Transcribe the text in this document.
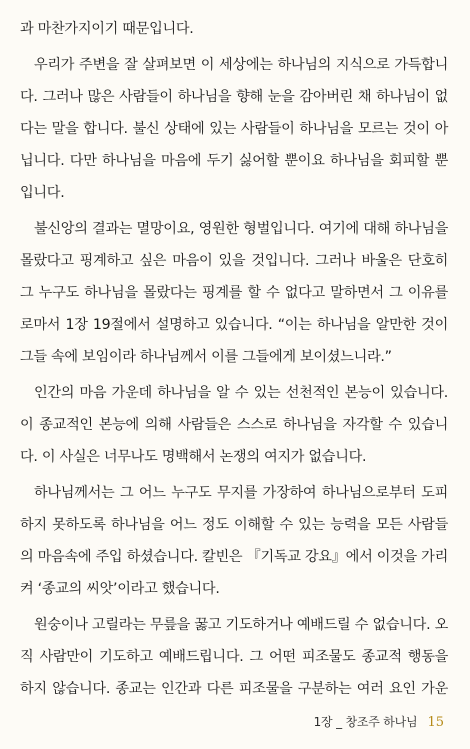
과 마찬가지이기 때문입니다.
우리가 주변을 잘 살펴보면 이 세상에는 하나님의 지식으로 가득합니
다. 그러나 많은 사람들이 하나님을 향해 눈을 감아버린 채 하나님이 없
다는 말을 합니다. 불신 상태에 있는 사람들이 하나님을 모르는 것이 아
닙니다. 다만 하나님을 마음에 두기 싫어할 뿐이요 하나님을 회피할 뿐
입니다.
불신앙의 결과는 멸망이요, 영원한 형벌입니다. 여기에 대해 하나님을
몰랐다고 핑계하고 싶은 마음이 있을 것입니다. 그러나 바울은 단호히
그 누구도 하나님을 몰랐다는 핑계를 할 수 없다고 말하면서 그 이유를
로마서 1장 19절에서 설명하고 있습니다. “이는 하나님을 알만한 것이
그들 속에 보임이라 하나님께서 이를 그들에게 보이셨느니라.”
인간의 마음 가운데 하나님을 알 수 있는 선천적인 본능이 있습니다.
이 종교적인 본능에 의해 사람들은 스스로 하나님을 자각할 수 있습니
다. 이 사실은 너무나도 명백해서 논쟁의 여지가 없습니다.
하나님께서는 그 어느 누구도 무지를 가장하여 하나님으로부터 도피
하지 못하도록 하나님을 어느 정도 이해할 수 있는 능력을 모든 사람들
의 마음속에 주입 하셨습니다. 칼빈은 『기독교 강요』에서 이것을 가리
켜 ‘종교의 씨앗’이라고 했습니다.
원숭이나 고릴라는 무릎을 꿇고 기도하거나 예배드릴 수 없습니다. 오
직 사람만이 기도하고 예배드립니다. 그 어떤 피조물도 종교적 행동을
하지 않습니다. 종교는 인간과 다른 피조물을 구분하는 여러 요인 가운
1장 _ 창조주 하나님 15
